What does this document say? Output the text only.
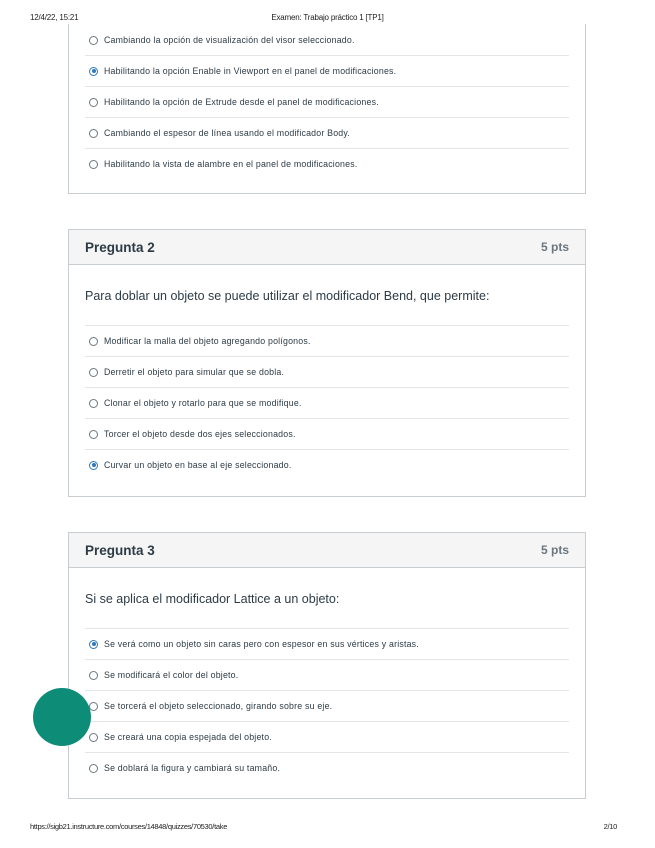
12/4/22, 15:21	Examen: Trabajo práctico 1 [TP1]
Cambiando la opción de visualización del visor seleccionado.
Habilitando la opción Enable in Viewport en el panel de modificaciones.
Habilitando la opción de Extrude desde el panel de modificaciones.
Cambiando el espesor de línea usando el modificador Body.
Habilitando la vista de alambre en el panel de modificaciones.
Pregunta 2	5 pts
Para doblar un objeto se puede utilizar el modificador Bend, que permite:
Modificar la malla del objeto agregando polígonos.
Derretir el objeto para simular que se dobla.
Clonar el objeto y rotarlo para que se modifique.
Torcer el objeto desde dos ejes seleccionados.
Curvar un objeto en base al eje seleccionado.
Pregunta 3	5 pts
Si se aplica el modificador Lattice a un objeto:
Se verá como un objeto sin caras pero con espesor en sus vértices y aristas.
Se modificará el color del objeto.
Se torcerá el objeto seleccionado, girando sobre su eje.
Se creará una copia espejada del objeto.
Se doblará la figura y cambiará su tamaño.
https://sigb21.instructure.com/courses/14848/quizzes/70530/take	2/10
